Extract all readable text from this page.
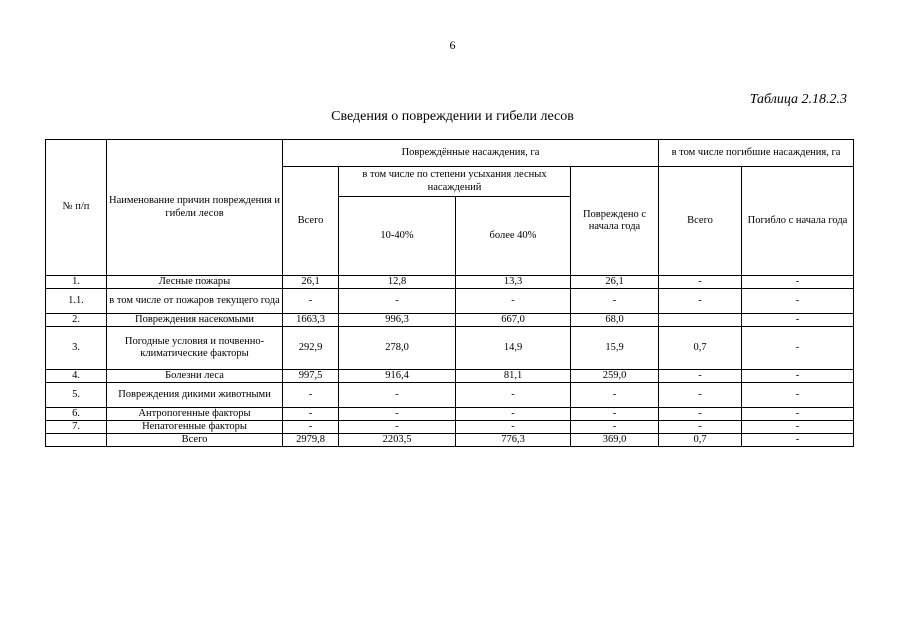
6
Таблица 2.18.2.3
Сведения о повреждении и гибели лесов
№ п/п	Наименование причин повреждения и гибели лесов	Повреждённые насаждения, га				в том числе погибшие насаждения, га	
		Всего	в том числе по степени усыхания лесных насаждений		Повреждено с начала года	Всего	Погибло с начала года
			10-40%	более 40%			
1.	Лесные пожары	26,1	12,8	13,3	26,1	-	-
1.1.	в том числе от пожаров текущего года	-	-	-	-	-	-
2.	Повреждения насекомыми	1663,3	996,3	667,0	68,0		-
3.	Погодные условия и почвенно-климатические факторы	292,9	278,0	14,9	15,9	0,7	-
4.	Болезни леса	997,5	916,4	81,1	259,0	-	-
5.	Повреждения дикими животными	-	-	-	-	-	-
6.	Антропогенные факторы	-	-	-	-	-	-
7.	Непатогенные факторы	-	-	-	-	-	-
	Всего	2979,8	2203,5	776,3	369,0	0,7	-
